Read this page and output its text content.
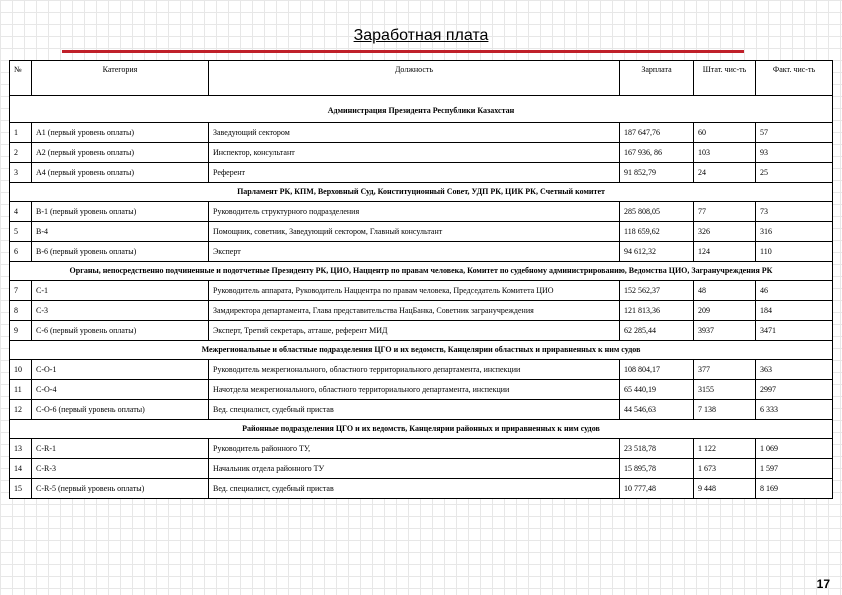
Заработная плата
№	Категория	Должность	Зарплата	Штат. чис-ть	Факт. чис-ть
Администрация Президента Республики Казахстан					
1	А1 (первый уровень оплаты)	Заведующий сектором	187 647,76	60	57
2	А2 (первый уровень оплаты)	Инспектор, консультант	167 936, 86	103	93
3	А4 (первый уровень оплаты)	Референт	91 852,79	24	25
Парламент РК, КПМ, Верховный Суд, Конституционный Совет, УДП РК, ЦИК РК, Счетный комитет					
4	В-1 (первый уровень оплаты)	Руководитель структурного подразделения	285 808,05	77	73
5	В-4	Помощник, советник, Заведующий сектором, Главный консультант	118 659,62	326	316
6	В-6 (первый уровень оплаты)	Эксперт	94 612,32	124	110
Органы, непосредственно подчиненные и подотчетные Президенту РК, ЦИО, Наццентр по правам человека, Комитет по судебному администрированию, Ведомства ЦИО, Загранучреждения РК					
7	С-1	Руководитель аппарата, Руководитель Наццентра по правам человека, Председатель Комитета ЦИО	152 562,37	48	46
8	С-3	Замдиректора департамента, Глава представительства НацБанка, Советник загранучреждения	121 813,36	209	184
9	С-6 (первый уровень оплаты)	Эксперт, Третий секретарь, атташе, референт МИД	62 285,44	3937	3471
Межрегиональные и областные подразделения ЦГО и их ведомств, Канцелярии областных и приравненных к ним судов					
10	С-О-1	Руководитель межрегионального, областного территориального департамента, инспекции	108 804,17	377	363
11	С-О-4	Начотдела межрегионального, областного территориального департамента, инспекции	65 440,19	3155	2997
12	С-О-6 (первый уровень оплаты)	Вед. специалист, судебный пристав	44 546,63	7 138	6 333
Районные подразделения ЦГО и их ведомств, Канцелярии районных и приравненных к ним судов					
13	С-R-1	Руководитель районного ТУ,	23 518,78	1 122	1 069
14	С-R-3	Начальник отдела районного ТУ	15 895,78	1 673	1 597
15	С-R-5 (первый уровень оплаты)	Вед. специалист, судебный пристав	10 777,48	9 448	8 169
17
